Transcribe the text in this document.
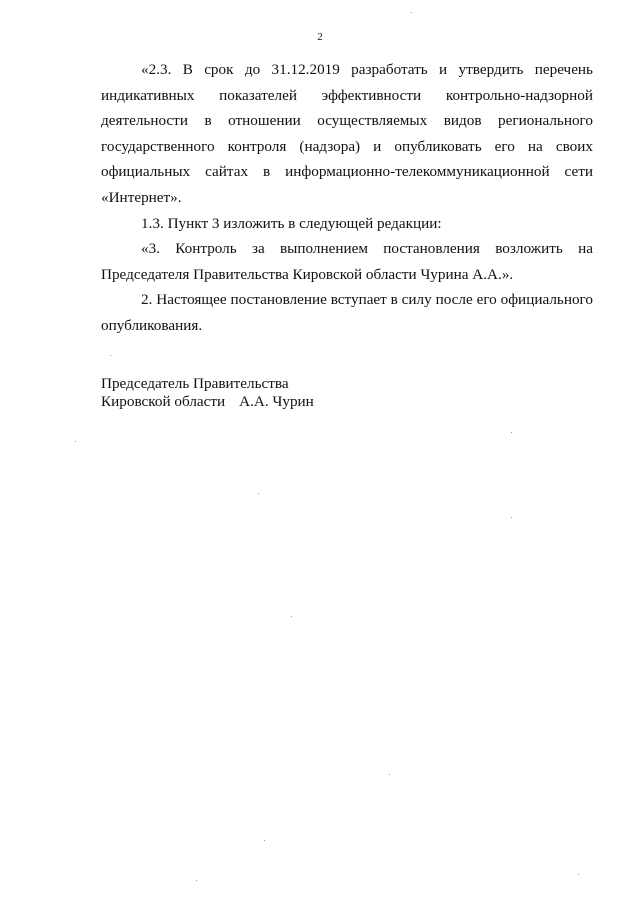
2

«2.3. В срок до 31.12.2019 разработать и утвердить перечень индикативных показателей эффективности контрольно-надзорной деятельности в отношении осуществляемых видов регионального государственного контроля (надзора) и опубликовать его на своих официальных сайтах в информационно-телекоммуникационной сети «Интернет».

1.3. Пункт 3 изложить в следующей редакции:

«3. Контроль за выполнением постановления возложить на Председателя Правительства Кировской области Чурина А.А.».

2. Настоящее постановление вступает в силу после его официального опубликования.

Председатель Правительства
Кировской области А.А. Чурин
